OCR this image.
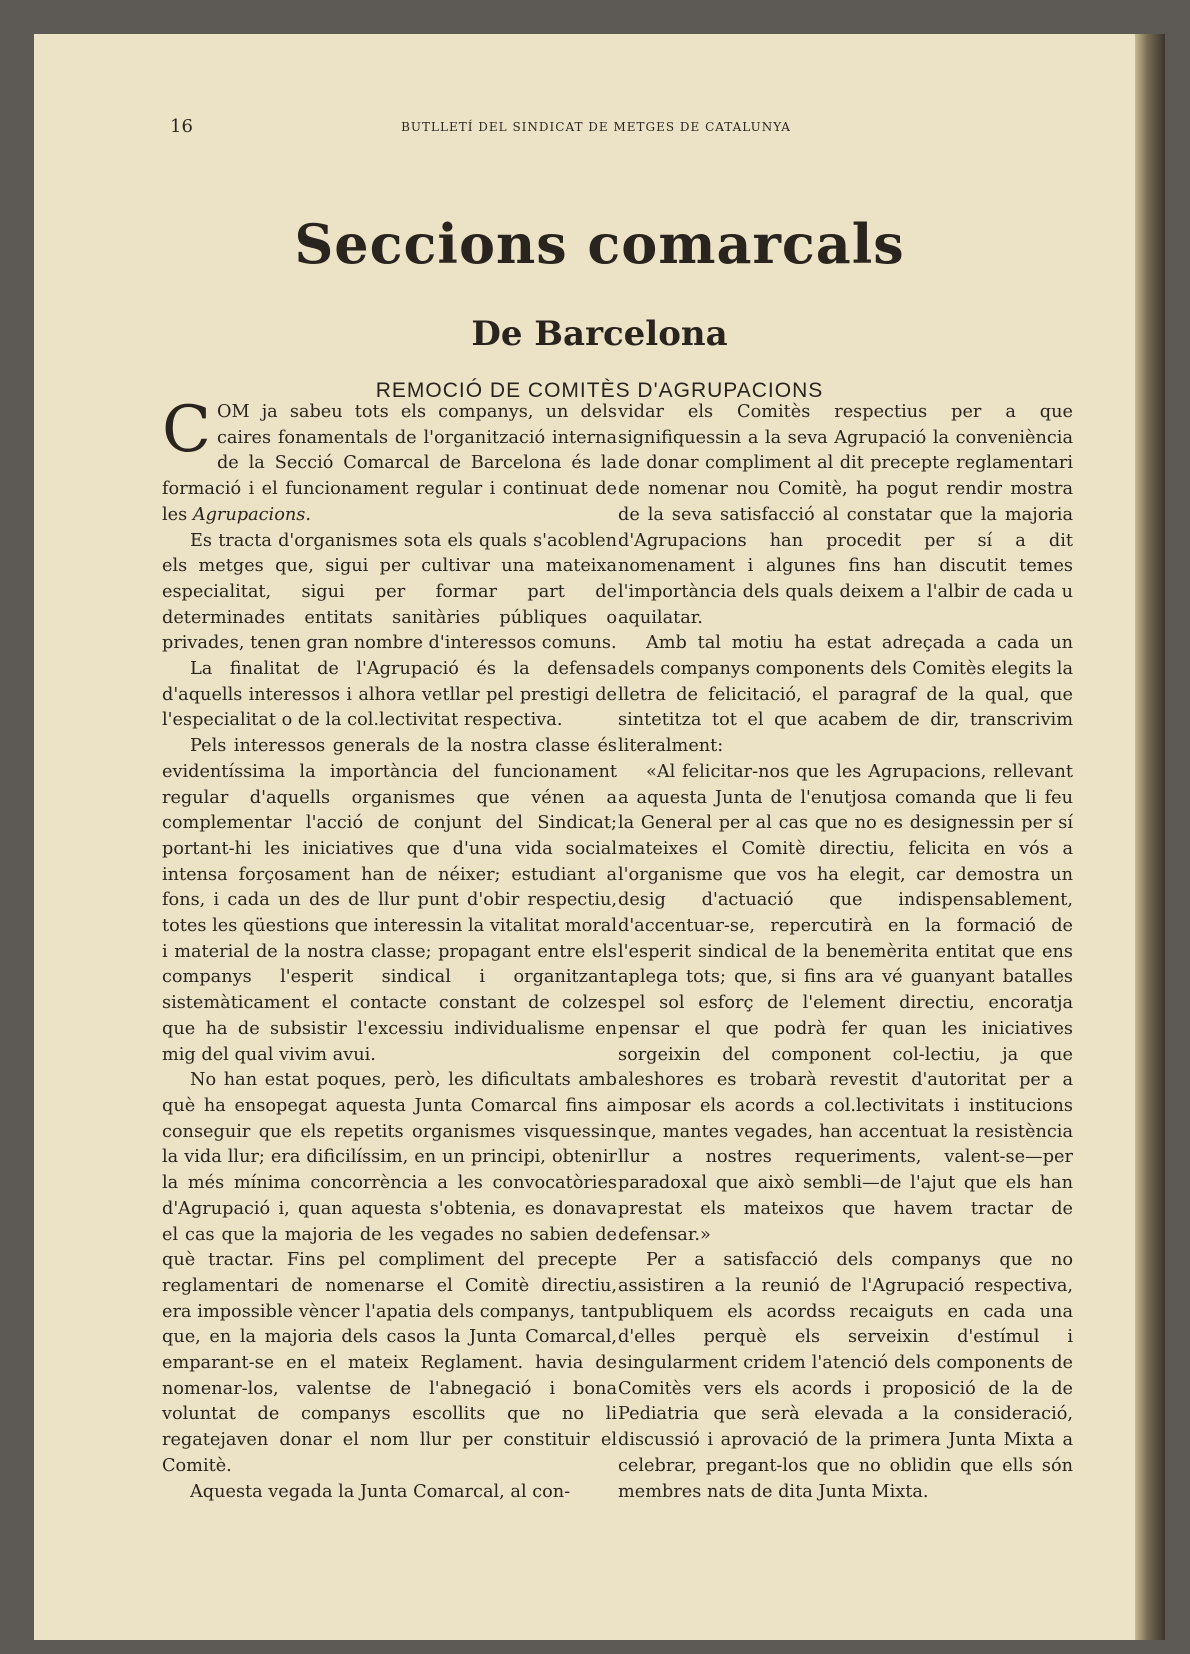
16	BUTLLETÍ DEL SINDICAT DE METGES DE CATALUNYA
Seccions comarcals
De Barcelona
REMOCIÓ DE COMITÈS D'AGRUPACIONS

COM ja sabeu tots els companys, un dels caires fonamentals de l'organització interna de la Secció Comarcal de Barcelona és la formació i el funcionament regular i continuat de les Agrupacions.

Es tracta d'organismes sota els quals s'acoblen els metges que, sigui per cultivar una mateixa especialitat, sigui per formar part de determinades entitats sanitàries públiques o privades, tenen gran nombre d'interessos comuns.

La finalitat de l'Agrupació és la defensa d'aquells interessos i alhora vetllar pel prestigi de l'especialitat o de la col.lectivitat respectiva.

Pels interessos generals de la nostra classe és evidentíssima la importància del funcionament regular d'aquells organismes que vénen a complementar l'acció de conjunt del Sindicat; portant-hi les iniciatives que d'una vida social intensa forçosament han de néixer; estudiant a fons, i cada un des de llur punt d'obir respectiu, totes les qüestions que interessin la vitalitat moral i material de la nostra classe; propagant entre els companys l'esperit sindical i organitzant sistemàticament el contacte constant de colzes que ha de subsistir l'excessiu individualisme en mig del qual vivim avui.

No han estat poques, però, les dificultats amb què ha ensopegat aquesta Junta Comarcal fins a conseguir que els repetits organismes visquessin la vida llur; era dificilíssim, en un principi, obtenir la més mínima concorrència a les convocatòries d'Agrupació i, quan aquesta s'obtenia, es donava el cas que la majoria de les vegades no sabien de què tractar. Fins pel compliment del precepte reglamentari de nomenarse el Comitè directiu, era impossible vèncer l'apatia dels companys, tant que, en la majoria dels casos la Junta Comarcal, emparant-se en el mateix Reglament. havia de nomenar-los, valentse de l'abnegació i bona voluntat de companys escollits que no li regatejaven donar el nom llur per constituir el Comitè.

Aquesta vegada la Junta Comarcal, al con-

vidar els Comitès respectius per a que signifiquessin a la seva Agrupació la conveniència de donar compliment al dit precepte reglamentari de nomenar nou Comitè, ha pogut rendir mostra de la seva satisfacció al constatar que la majoria d'Agrupacions han procedit per sí a dit nomenament i algunes fins han discutit temes l'importància dels quals deixem a l'albir de cada u aquilatar.

Amb tal motiu ha estat adreçada a cada un dels companys components dels Comitès elegits la lletra de felicitació, el paragraf de la qual, que sintetitza tot el que acabem de dir, transcrivim literalment:

«Al felicitar-nos que les Agrupacions, rellevant a aquesta Junta de l'enutjosa comanda que li feu la General per al cas que no es designessin per sí mateixes el Comitè directiu, felicita en vós a l'organisme que vos ha elegit, car demostra un desig d'actuació que indispensablement, d'accentuar-se, repercutirà en la formació de l'esperit sindical de la benemèrita entitat que ens aplega tots; que, si fins ara vé guanyant batalles pel sol esforç de l'element directiu, encoratja pensar el que podrà fer quan les iniciatives sorgeixin del component col-lectiu, ja que aleshores es trobarà revestit d'autoritat per a imposar els acords a col.lectivitats i institucions que, mantes vegades, han accentuat la resistència llur a nostres requeriments, valent-se—per paradoxal que això sembli—de l'ajut que els han prestat els mateixos que havem tractar de defensar.»

Per a satisfacció dels companys que no assistiren a la reunió de l'Agrupació respectiva, publiquem els acordss recaiguts en cada una d'elles perquè els serveixin d'estímul i singularment cridem l'atenció dels components de Comitès vers els acords i proposició de la de Pediatria que serà elevada a la consideració, discussió i aprovació de la primera Junta Mixta a celebrar, pregant-los que no oblidin que ells són membres nats de dita Junta Mixta.
